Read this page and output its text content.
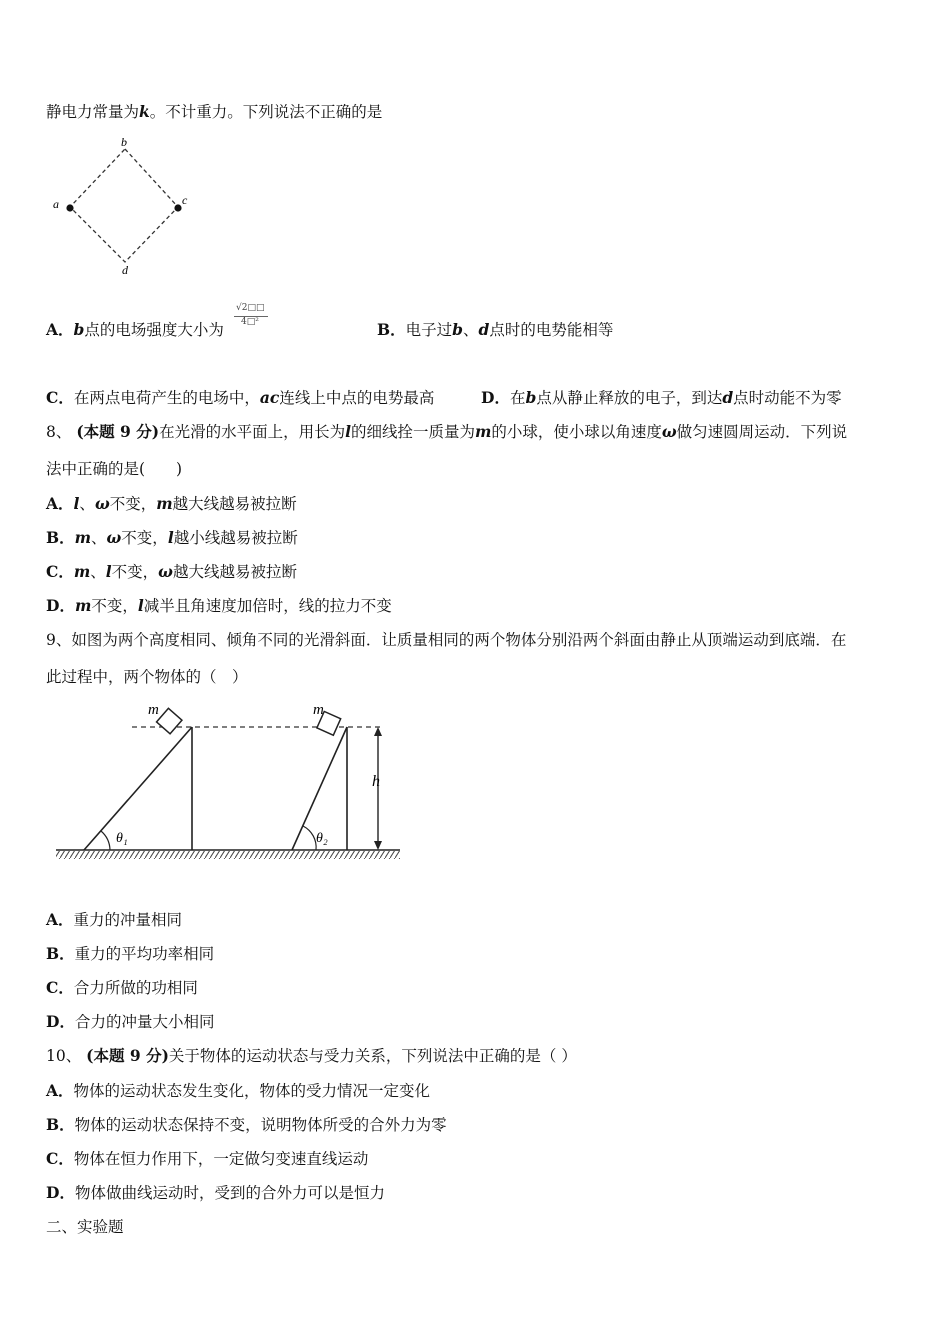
静电力常量为k。不计重力。下列说法不正确的是
b
a	c
d
A．b点的电场强度大小为
√2□□
4□²	B．电子过b、d点时的电势能相等
C．在两点电荷产生的电场中，ac连线上中点的电势最高	D．在b点从静止释放的电子，到达d点时动能不为零
8、 (本题 9 分)在光滑的水平面上，用长为l的细线拴一质量为m的小球，使小球以角速度ω做匀速圆周运动．下列说
法中正确的是(　　)
A．l、ω不变，m越大线越易被拉断
B．m、ω不变，l越小线越易被拉断
C．m、l不变，ω越大线越易被拉断
D．m不变，l减半且角速度加倍时，线的拉力不变
9、如图为两个高度相同、倾角不同的光滑斜面．让质量相同的两个物体分别沿两个斜面由静止从顶端运动到底端．在
此过程中，两个物体的（　）
m	m
h
θ₁	θ₂
A．重力的冲量相同
B．重力的平均功率相同
C．合力所做的功相同
D．合力的冲量大小相同
10、 (本题 9 分)关于物体的运动状态与受力关系，下列说法中正确的是（ ）
A．物体的运动状态发生变化，物体的受力情况一定变化
B．物体的运动状态保持不变，说明物体所受的合外力为零
C．物体在恒力作用下，一定做匀变速直线运动
D．物体做曲线运动时，受到的合外力可以是恒力
二、实验题
